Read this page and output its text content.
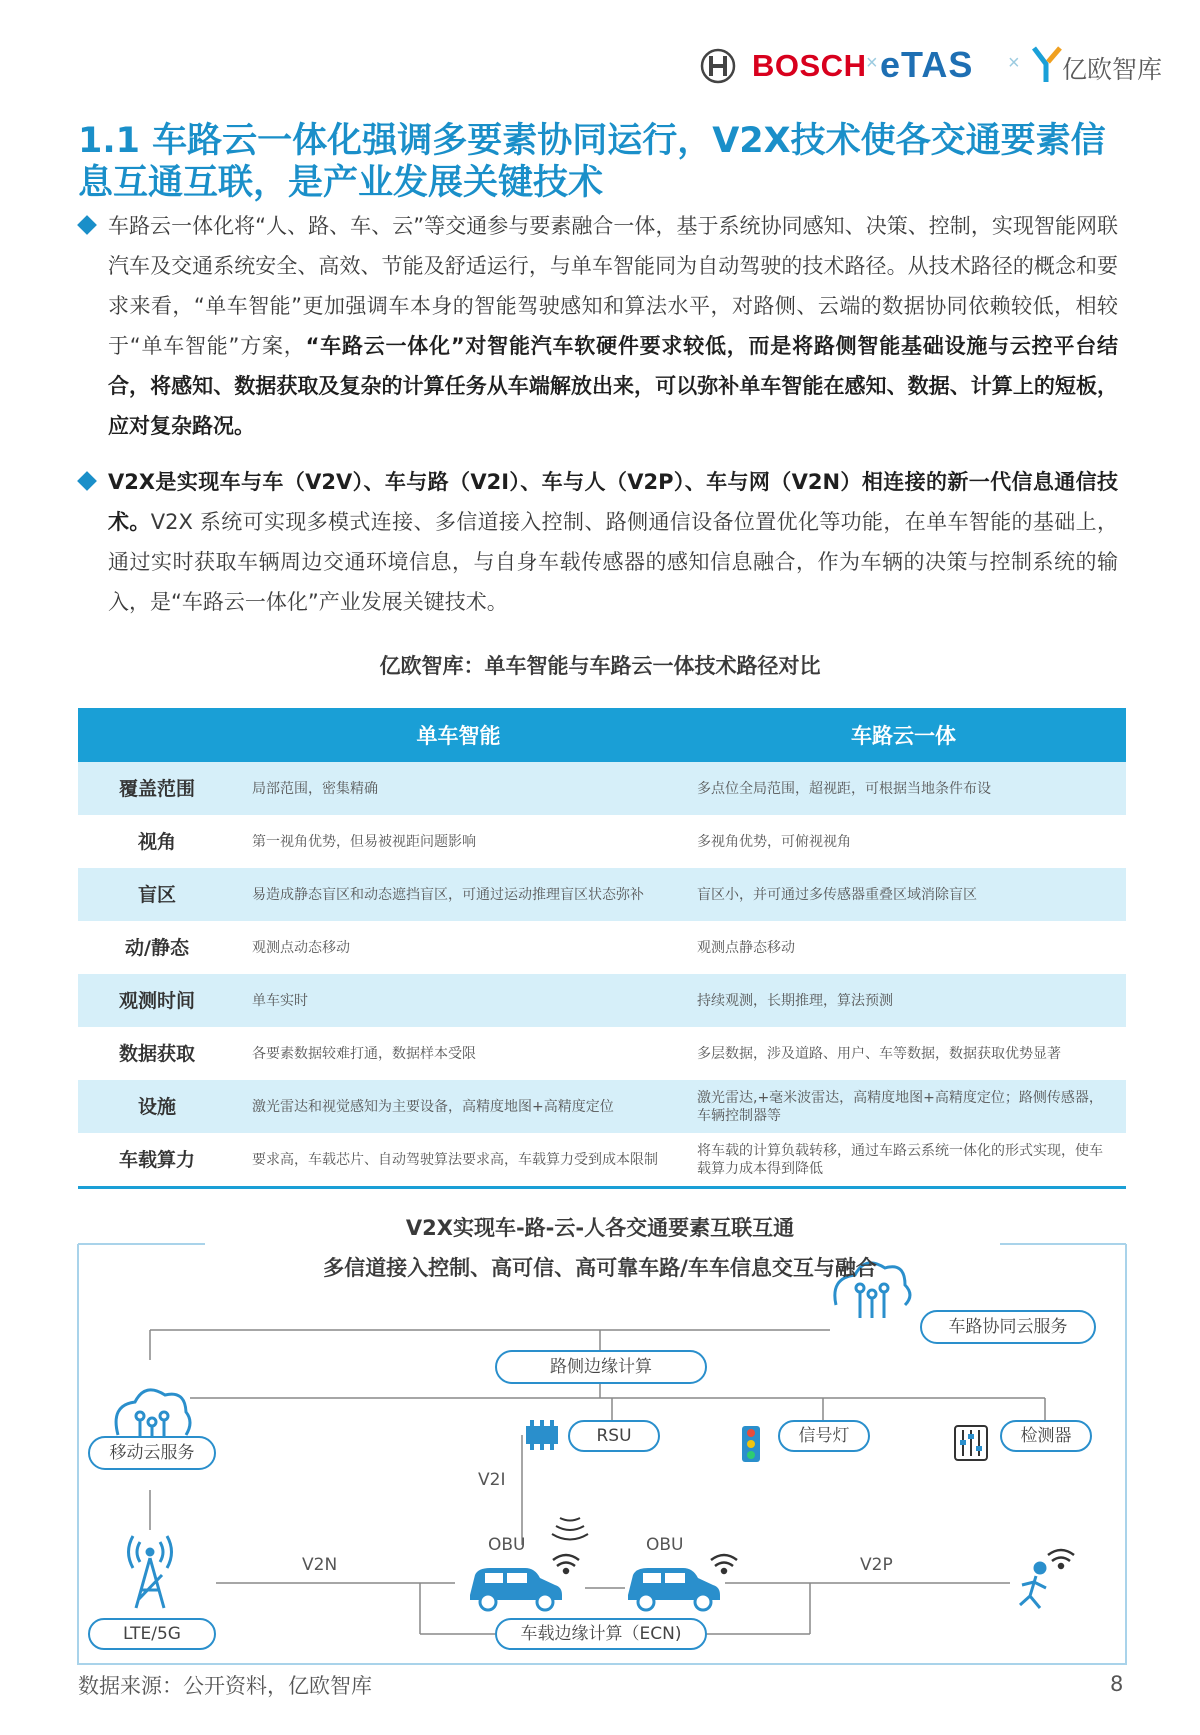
BOSCH × eTAS × 亿欧智库
1.1 车路云一体化强调多要素协同运行，V2X技术使各交通要素信息互通互联，是产业发展关键技术

车路云一体化将“人、路、车、云”等交通参与要素融合一体，基于系统协同感知、决策、控制，实现智能网联汽车及交通系统安全、高效、节能及舒适运行，与单车智能同为自动驾驶的技术路径。从技术路径的概念和要求来看，“单车智能”更加强调车本身的智能驾驶感知和算法水平，对路侧、云端的数据协同依赖较低，相较于“单车智能”方案，“车路云一体化”对智能汽车软硬件要求较低，而是将路侧智能基础设施与云控平台结合，将感知、数据获取及复杂的计算任务从车端解放出来，可以弥补单车智能在感知、数据、计算上的短板，应对复杂路况。

V2X是实现车与车（V2V）、车与路（V2I）、车与人（V2P）、车与网（V2N）相连接的新一代信息通信技术。V2X 系统可实现多模式连接、多信道接入控制、路侧通信设备位置优化等功能，在单车智能的基础上，通过实时获取车辆周边交通环境信息，与自身车载传感器的感知信息融合，作为车辆的决策与控制系统的输入，是“车路云一体化”产业发展关键技术。

亿欧智库：单车智能与车路云一体技术路径对比
	单车智能	车路云一体
覆盖范围	局部范围，密集精确	多点位全局范围，超视距，可根据当地条件布设
视角	第一视角优势，但易被视距问题影响	多视角优势，可俯视视角
盲区	易造成静态盲区和动态遮挡盲区，可通过运动推理盲区状态弥补	盲区小，并可通过多传感器重叠区域消除盲区
动/静态	观测点动态移动	观测点静态移动
观测时间	单车实时	持续观测，长期推理，算法预测
数据获取	各要素数据较难打通，数据样本受限	多层数据，涉及道路、用户、车等数据，数据获取优势显著
设施	激光雷达和视觉感知为主要设备，高精度地图+高精度定位	激光雷达,+毫米波雷达，高精度地图+高精度定位；路侧传感器，车辆控制器等
车载算力	要求高，车载芯片、自动驾驶算法要求高，车载算力受到成本限制	将车载的计算负载转移，通过车路云系统一体化的形式实现，使车载算力成本得到降低
V2X实现车-路-云-人各交通要素互联互通
多信道接入控制、高可信、高可靠车路/车车信息交互与融合
车路协同云服务
路侧边缘计算
移动云服务
RSU	信号灯	检测器
LTE/5G	车载边缘计算（ECN)
V2I
OBU	OBU
V2N	V2P
数据来源：公开资料，亿欧智库	8
